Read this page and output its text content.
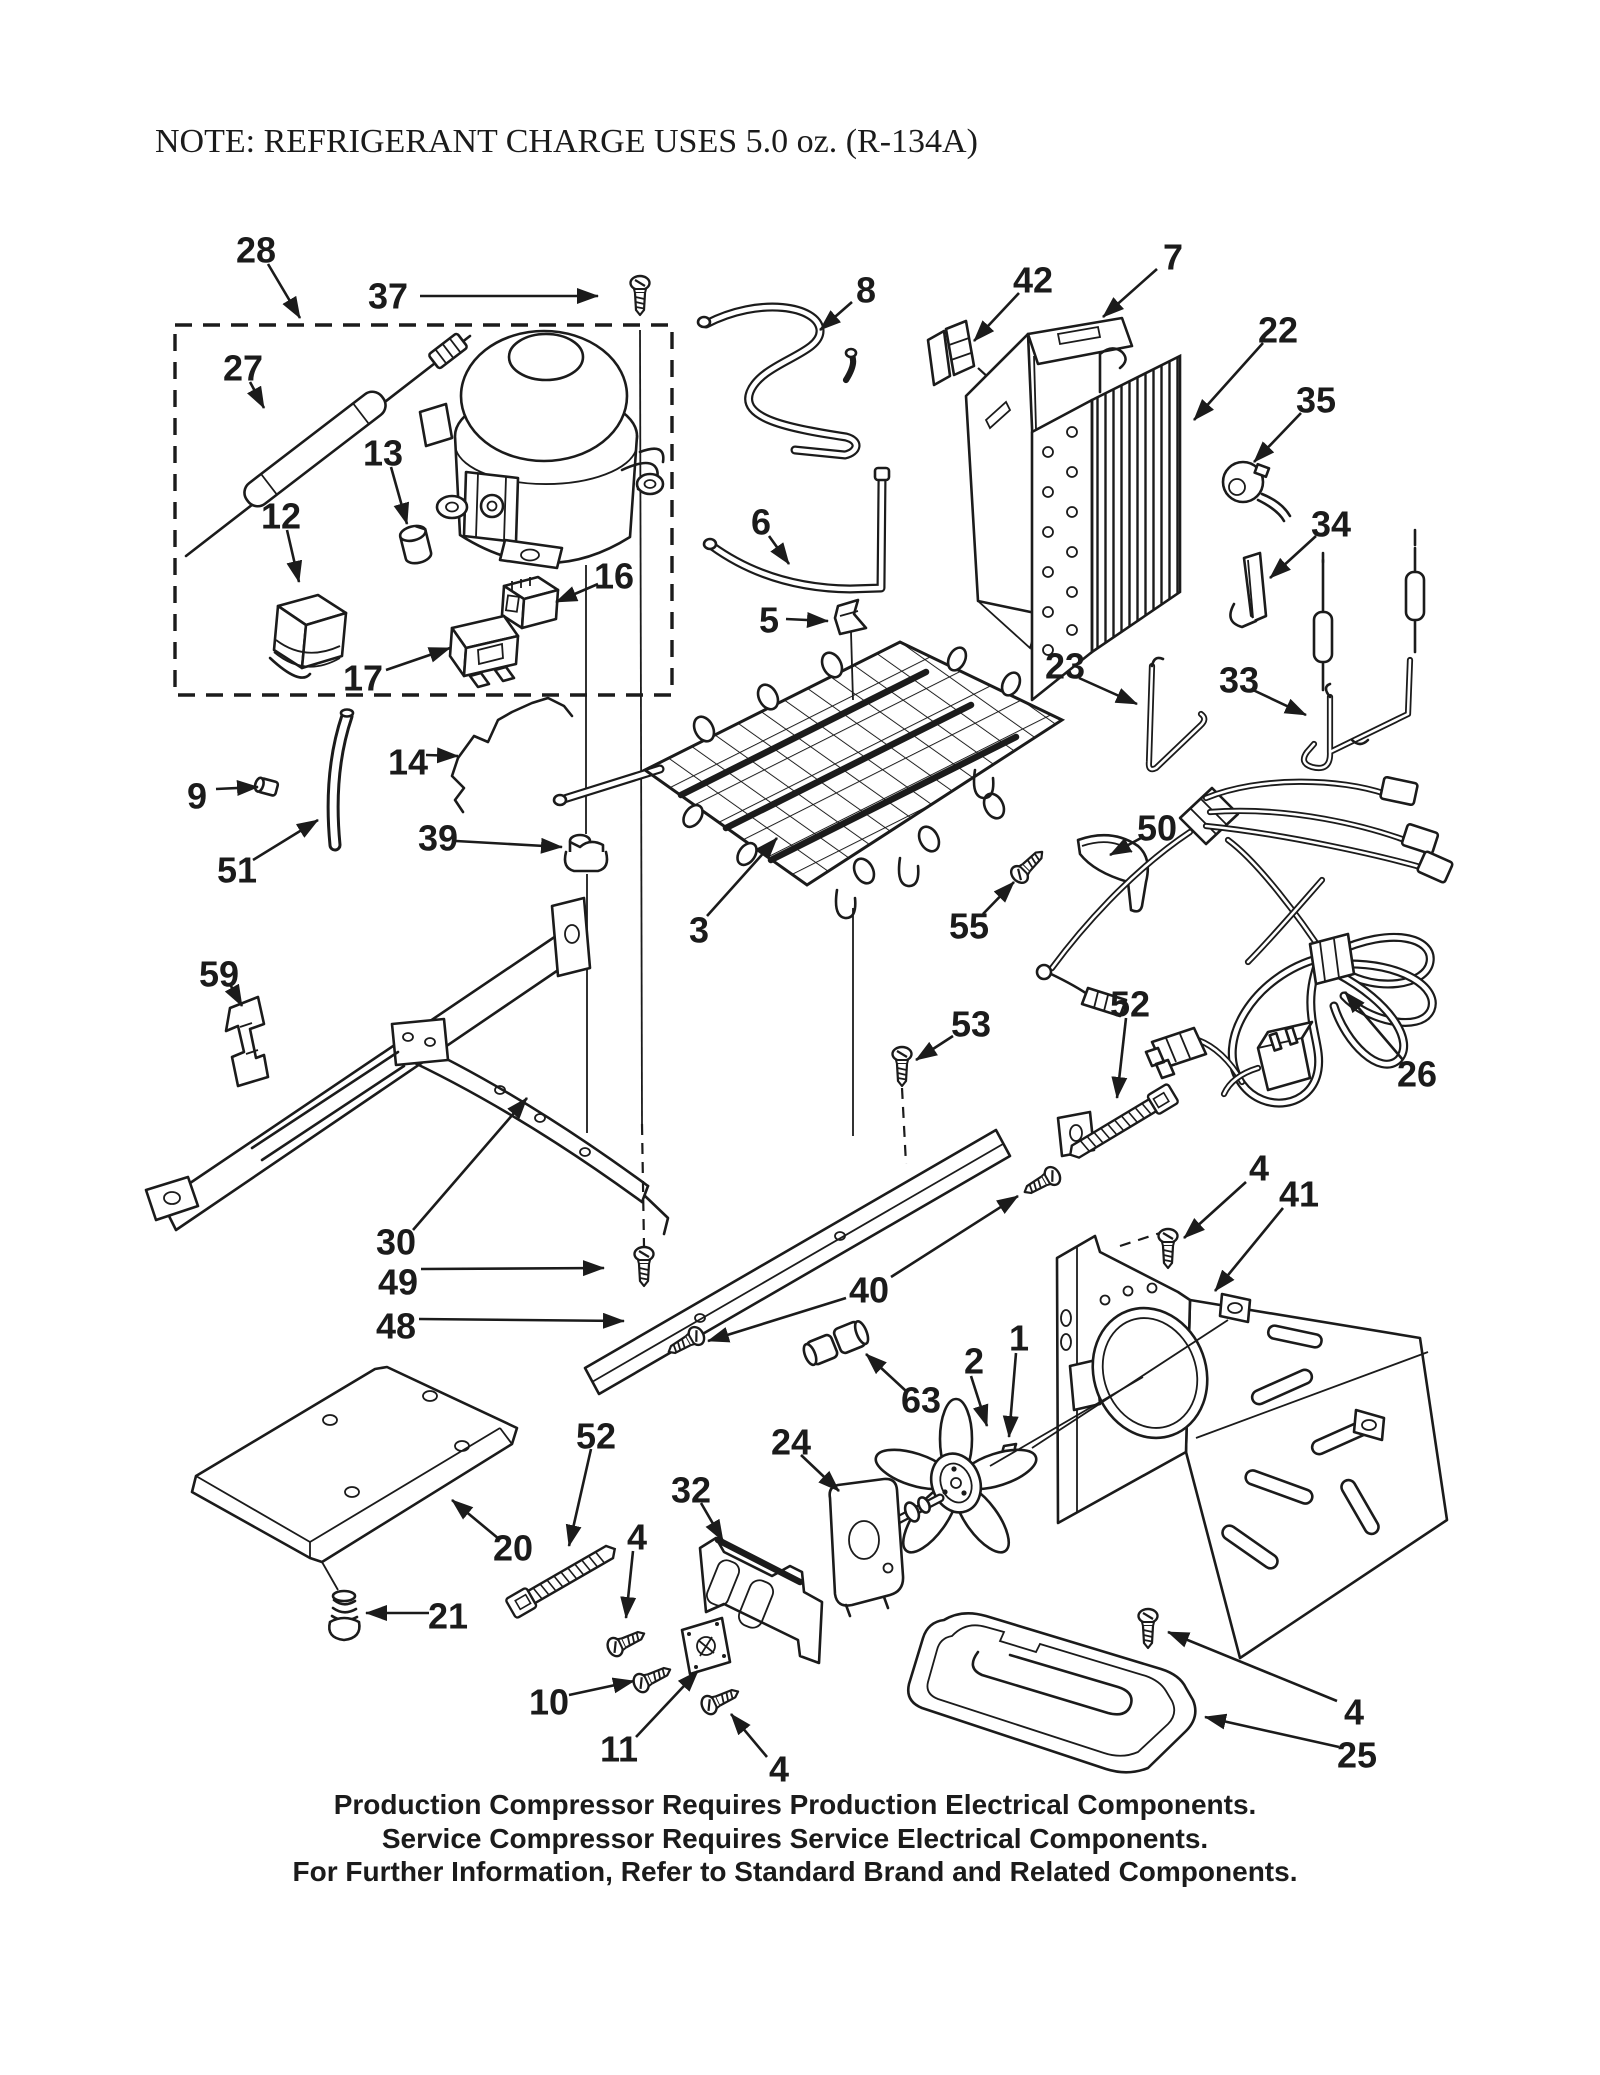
28
37
27
13
12
16
17
8	42
7
22
35
34
23	33
6
5
3	55
50
9
51
14
39
59
26
52
53
30
49
48
40
4
41
1
2
63
24
52
32
4
20
21
10
11	4
4
25
NOTE: REFRIGERANT CHARGE USES 5.0 oz. (R-134A)
Production Compressor Requires Production Electrical Components.
Service Compressor Requires Service Electrical Components.
For Further Information, Refer to Standard Brand and Related Components.
